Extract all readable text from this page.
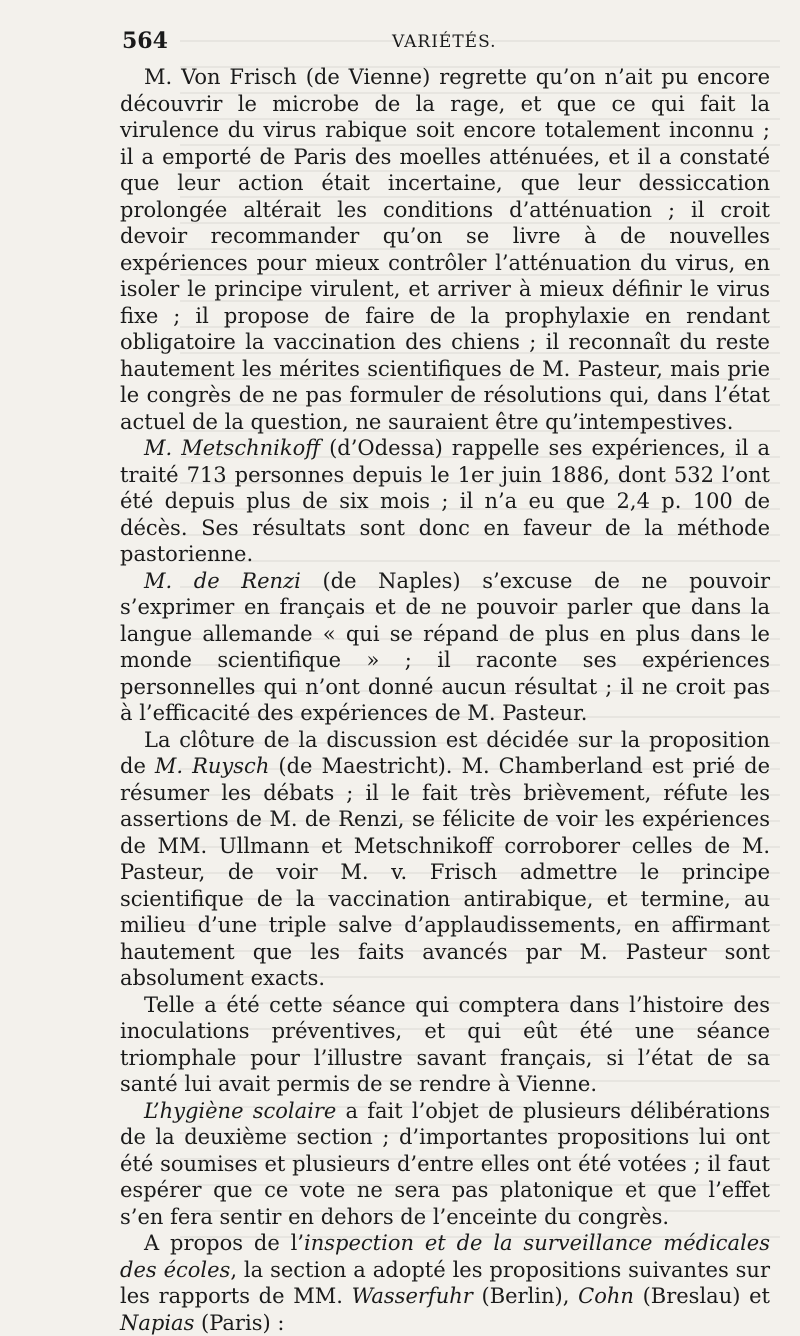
564	VARIÉTÉS.

M. Von Frisch (de Vienne) regrette qu’on n’ait pu encore découvrir le microbe de la rage, et que ce qui fait la virulence du virus rabique soit encore totalement inconnu ; il a emporté de Paris des moelles atténuées, et il a constaté que leur action était incertaine, que leur dessiccation prolongée altérait les conditions d’atténuation ; il croit devoir recommander qu’on se livre à de nouvelles expériences pour mieux contrôler l’atténuation du virus, en isoler le principe virulent, et arriver à mieux définir le virus fixe ; il propose de faire de la prophylaxie en rendant obligatoire la vaccination des chiens ; il reconnaît du reste hautement les mérites scientifiques de M. Pasteur, mais prie le congrès de ne pas formuler de résolutions qui, dans l’état actuel de la question, ne sauraient être qu’intempestives.

M. Metschnikoff (d’Odessa) rappelle ses expériences, il a traité 713 personnes depuis le 1er juin 1886, dont 532 l’ont été depuis plus de six mois ; il n’a eu que 2,4 p. 100 de décès. Ses résultats sont donc en faveur de la méthode pastorienne.

M. de Renzi (de Naples) s’excuse de ne pouvoir s’exprimer en français et de ne pouvoir parler que dans la langue allemande « qui se répand de plus en plus dans le monde scientifique » ; il raconte ses expériences personnelles qui n’ont donné aucun résultat ; il ne croit pas à l’efficacité des expériences de M. Pasteur.

La clôture de la discussion est décidée sur la proposition de M. Ruysch (de Maestricht). M. Chamberland est prié de résumer les débats ; il le fait très brièvement, réfute les assertions de M. de Renzi, se félicite de voir les expériences de MM. Ullmann et Metschnikoff corroborer celles de M. Pasteur, de voir M. v. Frisch admettre le principe scientifique de la vaccination antirabique, et termine, au milieu d’une triple salve d’applaudissements, en affirmant hautement que les faits avancés par M. Pasteur sont absolument exacts.

Telle a été cette séance qui comptera dans l’histoire des inoculations préventives, et qui eût été une séance triomphale pour l’illustre savant français, si l’état de sa santé lui avait permis de se rendre à Vienne.

L’hygiène scolaire a fait l’objet de plusieurs délibérations de la deuxième section ; d’importantes propositions lui ont été soumises et plusieurs d’entre elles ont été votées ; il faut espérer que ce vote ne sera pas platonique et que l’effet s’en fera sentir en dehors de l’enceinte du congrès.

A propos de l’inspection et de la surveillance médicales des écoles, la section a adopté les propositions suivantes sur les rapports de MM. Wasserfuhr (Berlin), Cohn (Breslau) et Napias (Paris) :
